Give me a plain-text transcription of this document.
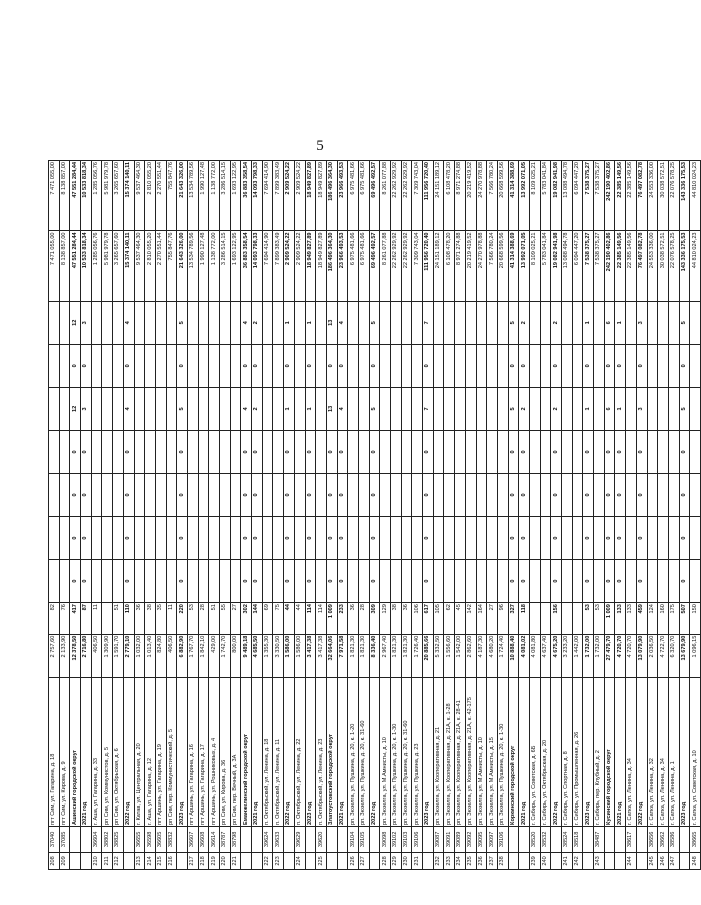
5
208	37040	пгт Сим, ул. Гагарина, д. 18	2 757,60	82								7 471 055,00	7 471 055,00
209	37085	пгт Сим, ул. Кирова, д. 9	2 133,90	76								8 138 857,00	8 138 857,00
		Ашинский городской округ	12 378,50	417	0	0	0	0	12	0	12	47 551 284,44	47 551 284,44
		2021 год	2 716,80	87	0	0	0	0	3	0	3	10 533 818,34	10 533 818,34
210	36604	г. Аша, ул. Гагарина, д. 33	406,50	11								1 285 056,76	1 285 056,76
211	38802	рп Сим, ул. Коммунистов, д. 5	1 309,90									5 981 979,78	5 981 979,78
212	38825	рп Сим, ул. Октябрьская, д. 6	1 591,70	51								3 265 657,60	3 265 657,60
		2022 год	2 779,10	110	0	0	0	0	4	0	4	15 374 140,11	15 374 140,11
213	36655	г. Катав, ул. Центральная, д. 20	1 032,00	36								9 537 464,30	9 537 464,30
214	36598	г. Аша, ул. Гагарина, д. 12	1 013,40	38								2 810 055,20	2 810 055,20
215	36605	пгт Аршинь, ул. Гагарина, д. 19	824,80	35								2 270 551,44	2 270 551,44
216	38832	рп Сим, пер. Коммунистический, д. 5	406,50	11								755 847,76	755 847,76
		2023 год	6 882,90	220	0	0	0	0	5	0	5	21 643 326,00	21 643 326,00
217	36607	пгт Аршинь, ул. Гагарина, д. 16	1 767,70	53								13 534 789,56	13 534 789,56
218	36608	пгт Аршинь, ул. Гагарина, д. 17	1 842,10	28								1 990 127,48	1 990 127,48
219	36614	пгт Аршинь, ул. Рошниковых, д. 4	429,00	51								1 138 772,00	1 138 772,00
220	38787	рп Сим, ул. Кирова, д. 36	1 742,70	55								3 286 514,15	3 286 514,15
221	38798	рп Сим, пер. Вечный, д. 3А	800,00	27								1 693 122,95	1 693 122,95
		Еманжелинский городской округ	9 489,18	302	0	0	0	0	4	0	4	36 883 358,54	36 883 358,54
		2021 год	4 685,50	144	0	0	0	0	2	0	2	14 093 798,33	14 093 798,33
222	39624	п. Октябрьский, ул. Ленина, д. 18	1 355,30	69								7 694 414,90	7 694 414,90
223	39633	п. Октябрьский, ул. Ленина, д. 11	3 330,50	75								7 899 383,49	7 899 383,49
		2022 год	1 586,00	44	0	0	0	0	1	0	1	2 909 524,22	2 909 524,22
224	39629	п. Октябрьский, ул. Ленина, д. 22	1 586,00	44								2 909 524,22	2 909 524,22
		2023 год	3 417,38	114	0	0	0	0	1	0	1	18 949 827,89	18 949 827,89
225	39620	п. Октябрьский, ул. Ленина, д. 23	3 417,38	114								18 949 827,89	18 949 827,89
		Златоустовский городской округ	32 664,06	1 009	0	0	0	0	13	0	13	186 496 364,30	186 496 364,30
		2021 год	7 971,58	233	0	0	0	0	4	0	4	23 966 493,53	23 966 493,53
226	39104	рп. Зюзелга, ул. Пушкина, д. 20, к. 1-20	1 821,30	36								6 975 481,66	6 975 481,66
227	39105	рп. Зюзелга, ул. Пушкина, д. 20, к. 31-60	1 821,30	28								6 975 481,66	6 975 481,66
		2022 год	8 336,40	309	0	0	0	0	5	0	5	69 496 492,57	69 496 492,57
228	39098	рп. Зюзелга, ул. М.Амнисты, д. 10	2 967,40	129								8 261 077,88	8 261 077,88
229	39102	рп. Зюзелга, ул. Пушкина, д. 20, к. 1-30	1 821,30	38								22 262 929,92	22 262 929,92
230	39103	рп. Зюзелга, ул. Пушкина, д. 20, к. 31-60	1 821,30	36								22 262 929,92	22 262 929,92
231	39106	рп. Зюзелга, ул. Пушкина, д. 23	1 726,40	106								7 309 743,04	7 309 743,04
		2023 год	20 885,66	617	0	0	0	0	7	0	7	111 956 720,40	111 956 720,40
232	39087	рп. Зюзелга, ул. Кооперативная, д. 21	5 332,50	105								24 151 189,12	24 151 189,12
233	39091	рп. Зюзелга, ул. Кооперативная, д. 21А, к. 1-28	1 556,60	62								6 108 478,20	6 108 478,20
234	39089	рп. Зюзелга, ул. Кооперативная, д. 21А, к. 28-41	1 542,00	45								8 971 274,88	8 971 274,88
235	39092	рп. Зюзелга, ул. Кооперативная, д. 21А, к. 42-175	2 862,60	142								20 219 419,52	20 219 419,52
236	39095	рп. Зюзелга, ул. М.Амнисты, д. 10	4 187,30	164								24 270 978,88	24 270 978,88
237	39097	рп. Зюзелга, ул. М.Амнисты, д. 15	4 680,20	27								7 566 780,24	7 566 780,24
238	39106	рп. Зюзелга, ул. Пушкина, д. 20, к. 1-30	1 724,40	96								20 668 599,56	20 668 599,56
		Коркинский городской округ	10 888,40	327	0	0	0	0	5	0	5	41 314 388,69	41 314 388,69
		2021 год	4 081,02	118	0	0	0	0	2	0	2	13 992 071,05	13 992 071,05
239	38520	г. Сибирь, ул. Советская, д. 6Б	4 081,80									8 109 025,21	8 109 025,21
240	38532	г. Сибирь, ул. Октябрьская, д. 20	4 637,40									5 783 041,84	5 783 041,84
		2022 год	4 675,20	156	0	0	0	0	2	0	2	19 082 941,98	19 082 941,98
241	38524	г. Сибирь, ул. Спортная, д. 8	3 233,20									13 088 494,78	13 088 494,78
242	38518	г. Сибирь, ул. Промышленная, д. 26	1 442,00									6 094 447,20	6 094 447,20
		2023 год	1 732,00	53	0	0	0	0	1	0	1	7 538 375,27	7 538 375,27
243	38487	г. Сибирь, пер. Клубный, д. 2	1 732,00	53								7 538 375,27	7 538 375,27
		Кусинский городской округ	27 479,70	1 009	0	0	0	0	6	0	6	242 190 402,86	242 190 402,86
		2021 год	4 720,70	133	0	0	0	0	1	0	1	22 385 149,56	22 385 149,56
244	38617	г. Сатка, ул. Ленина, д. 34	4 720,70	133								22 385 149,56	22 385 149,56
		2022 год	13 079,90	459	0	0	0	0	3	0	3	76 497 082,78	76 497 082,78
245	38656	г. Сатка, ул. Ленина, д. 32	2 036,50	124								24 553 336,00	24 553 336,00
246	38662	г. Сатка, ул. Ленина, д. 34	4 722,70	160								30 038 572,51	30 038 572,51
247	38586	г. Сатка, ул. Ленина, д. 1	6 320,70	175								22 076 578,25	22 076 578,25
		2023 год	13 679,90	507	0	0	0	0	5	0	5	143 336 175,53	143 336 175,53
248	38665	г. Сатка, ул. Советская, д. 10	1 096,15	150								44 810 024,23	44 810 024,23
